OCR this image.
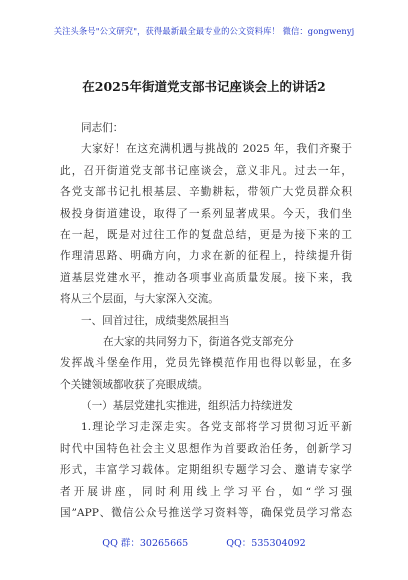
关注头条号"公文研究"，获得最新最全最专业的公文资料库！ 微信：gongwenyj
在2025年街道党支部书记座谈会上的讲话2
同志们：
大家好！在这充满机遇与挑战的 2025 年，我们齐聚于
此，召开街道党支部书记座谈会，意义非凡。过去一年，
各党支部书记扎根基层、辛勤耕耘，带领广大党员群众积
极投身街道建设，取得了一系列显著成果。今天，我们坐
在一起，既是对过往工作的复盘总结，更是为接下来的工
作理清思路、明确方向，力求在新的征程上，持续提升街
道基层党建水平，推动各项事业高质量发展。接下来，我
将从三个层面，与大家深入交流。
一、回首过往，成绩斐然展担当
在大家的共同努力下，街道各党支部充分
发挥战斗堡垒作用，党员先锋模范作用也得以彰显，在多
个关键领域都收获了亮眼成绩。
（一）基层党建扎实推进，组织活力持续迸发
1.理论学习走深走实。各党支部将学习贯彻习近平新
时代中国特色社会主义思想作为首要政治任务，创新学习
形式，丰富学习载体。定期组织专题学习会、邀请专家学
者开展讲座，同时利用线上学习平台，如“学习强
国”APP、微信公众号推送学习资料等，确保党员学习常态
QQ 群：30265665	QQ：535304092
